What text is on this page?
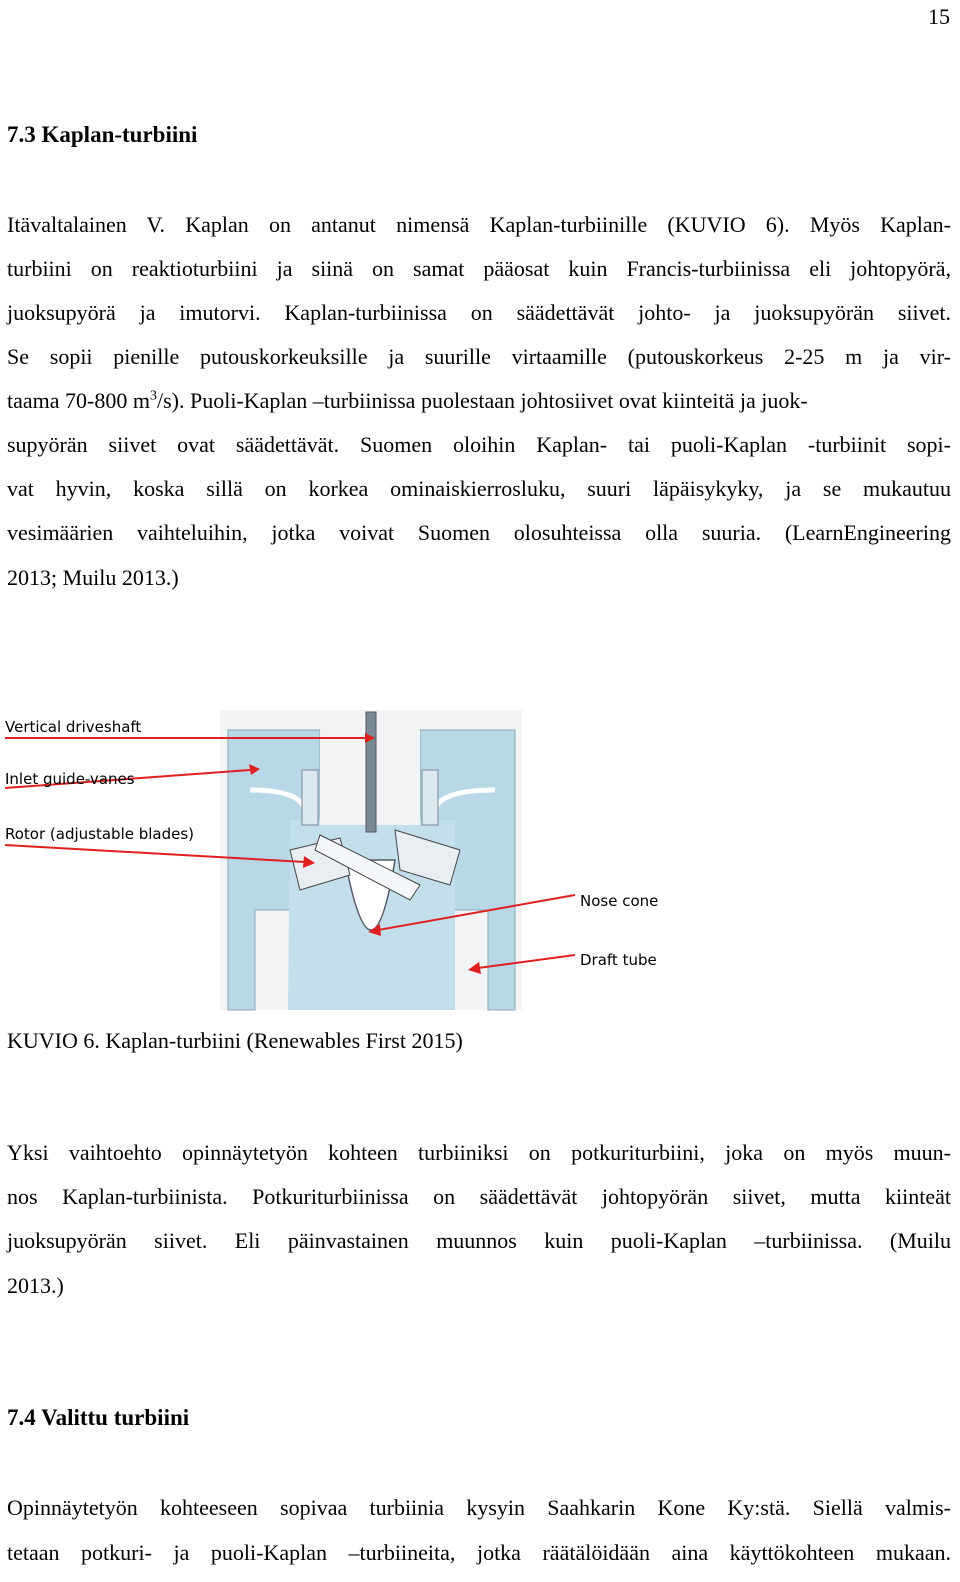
15
7.3 Kaplan-turbiini
Itävaltalainen V. Kaplan on antanut nimensä Kaplan-turbiinille (KUVIO 6). Myös Kaplan-
turbiini on reaktioturbiini ja siinä on samat pääosat kuin Francis-turbiinissa eli johtopyörä,
juoksupyörä ja imutorvi. Kaplan-turbiinissa on säädettävät johto- ja juoksupyörän siivet.
Se sopii pienille putouskorkeuksille ja suurille virtaamille (putouskorkeus 2-25 m ja vir-
taama 70-800 $m^3/s$). Puoli-Kaplan –turbiinissa puolestaan johtosiivet ovat kiinteitä ja juok-
supyörän siivet ovat säädettävät. Suomen oloihin Kaplan- tai puoli-Kaplan -turbiinit sopi-
vat hyvin, koska sillä on korkea ominaiskierrosluku, suuri läpäisykyky, ja se mukautuu
vesimäärien vaihteluihin, jotka voivat Suomen olosuhteissa olla suuria. (LearnEngineering
2013; Muilu 2013.)
Vertical driveshaft
Inlet guide-vanes
Rotor (adjustable blades)
Nose cone
Draft tube
KUVIO 6. Kaplan-turbiini (Renewables First 2015)
Yksi vaihtoehto opinnäytetyön kohteen turbiiniksi on potkuriturbiini, joka on myös muun-
nos Kaplan-turbiinista. Potkuriturbiinissa on säädettävät johtopyörän siivet, mutta kiinteät
juoksupyörän siivet. Eli päinvastainen muunnos kuin puoli-Kaplan –turbiinissa. (Muilu
2013.)
7.4 Valittu turbiini
Opinnäytetyön kohteeseen sopivaa turbiinia kysyin Saahkarin Kone Ky:stä. Siellä valmis-
tetaan potkuri- ja puoli-Kaplan –turbiineita, jotka räätälöidään aina käyttökohteen mukaan.
